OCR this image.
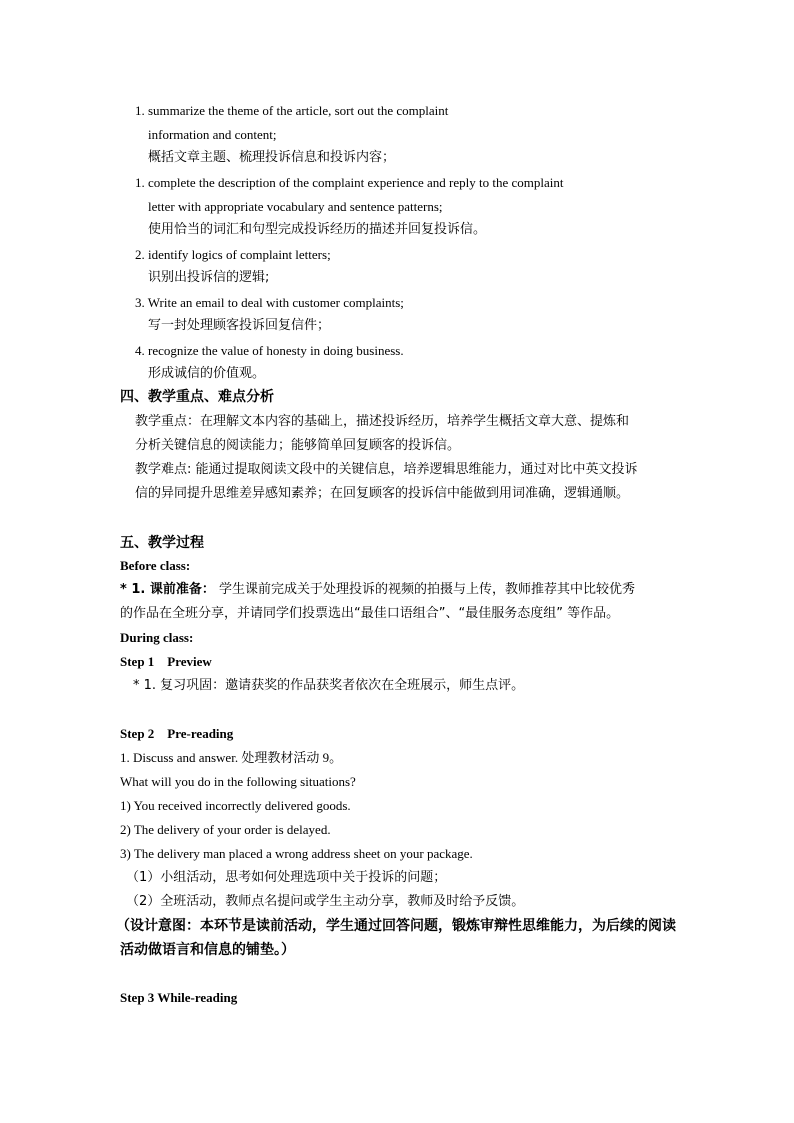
1. summarize the theme of the article, sort out the complaint
information and content;
概括文章主题、梳理投诉信息和投诉内容；
1. complete the description of the complaint experience and reply to the complaint
letter with appropriate vocabulary and sentence patterns;
使用恰当的词汇和句型完成投诉经历的描述并回复投诉信。
2. identify logics of complaint letters;
识别出投诉信的逻辑;
3. Write an email to deal with customer complaints;
写一封处理顾客投诉回复信件；
4. recognize the value of honesty in doing business.
形成诚信的价值观。
四、教学重点、难点分析
教学重点：在理解文本内容的基础上，描述投诉经历，培养学生概括文章大意、提炼和
分析关键信息的阅读能力；能够简单回复顾客的投诉信。
教学难点: 能通过提取阅读文段中的关键信息，培养逻辑思维能力，通过对比中英文投诉
信的异同提升思维差异感知素养；在回复顾客的投诉信中能做到用词准确，逻辑通顺。
五、教学过程
Before class:
* 1. 课前准备： 学生课前完成关于处理投诉的视频的拍摄与上传，教师推荐其中比较优秀
的作品在全班分享，并请同学们投票选出“最佳口语组合”、“最佳服务态度组” 等作品。
During class:
Step 1    Preview
* 1. 复习巩固：邀请获奖的作品获奖者依次在全班展示，师生点评。
Step 2    Pre-reading
1. Discuss and answer. 处理教材活动 9。
What will you do in the following situations?
1) You received incorrectly delivered goods.
2) The delivery of your order is delayed.
3) The delivery man placed a wrong address sheet on your package.
（1）小组活动，思考如何处理选项中关于投诉的问题；
（2）全班活动，教师点名提问或学生主动分享，教师及时给予反馈。
（设计意图：本环节是读前活动，学生通过回答问题，锻炼审辩性思维能力，为后续的阅读
活动做语言和信息的铺垫。）
Step 3 While-reading
